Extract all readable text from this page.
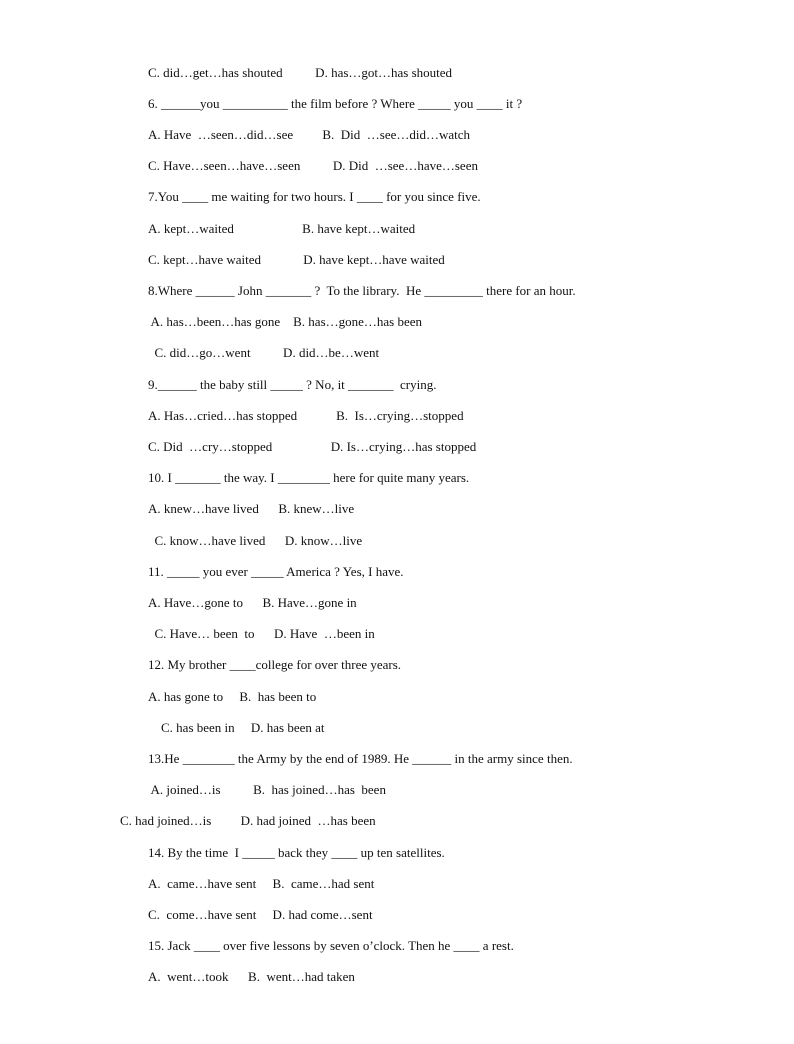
C. did…get…has shouted          D. has…got…has shouted
6. ______you __________ the film before ? Where _____ you ____ it ?
A. Have  …seen…did…see         B.  Did  …see…did…watch
C. Have…seen…have…seen          D. Did  …see…have…seen
7.You ____ me waiting for two hours. I ____ for you since five.
A. kept…waited                     B. have kept…waited
C. kept…have waited             D. have kept…have waited
8.Where ______ John _______ ?  To the library.  He _________ there for an hour.
A. has…been…has gone    B. has…gone…has been
C. did…go…went          D. did…be…went
9.______ the baby still _____ ? No, it _______  crying.
A. Has…cried…has stopped            B.  Is…crying…stopped
C. Did  …cry…stopped                  D. Is…crying…has stopped
10. I _______ the way. I ________ here for quite many years.
A. knew…have lived      B. knew…live
C. know…have lived      D. know…live
11. _____ you ever _____ America ? Yes, I have.
A. Have…gone to      B. Have…gone in
C. Have… been  to      D. Have  …been in
12. My brother ____college for over three years.
A. has gone to     B.  has been to
C. has been in     D. has been at
13.He ________ the Army by the end of 1989. He ______ in the army since then.
A. joined…is          B.  has joined…has  been
C. had joined…is         D. had joined  …has been
14. By the time  I _____ back they ____ up ten satellites.
A.  came…have sent     B.  came…had sent
C.  come…have sent     D. had come…sent
15. Jack ____ over five lessons by seven o’clock. Then he ____ a rest.
A.  went…took      B.  went…had taken
